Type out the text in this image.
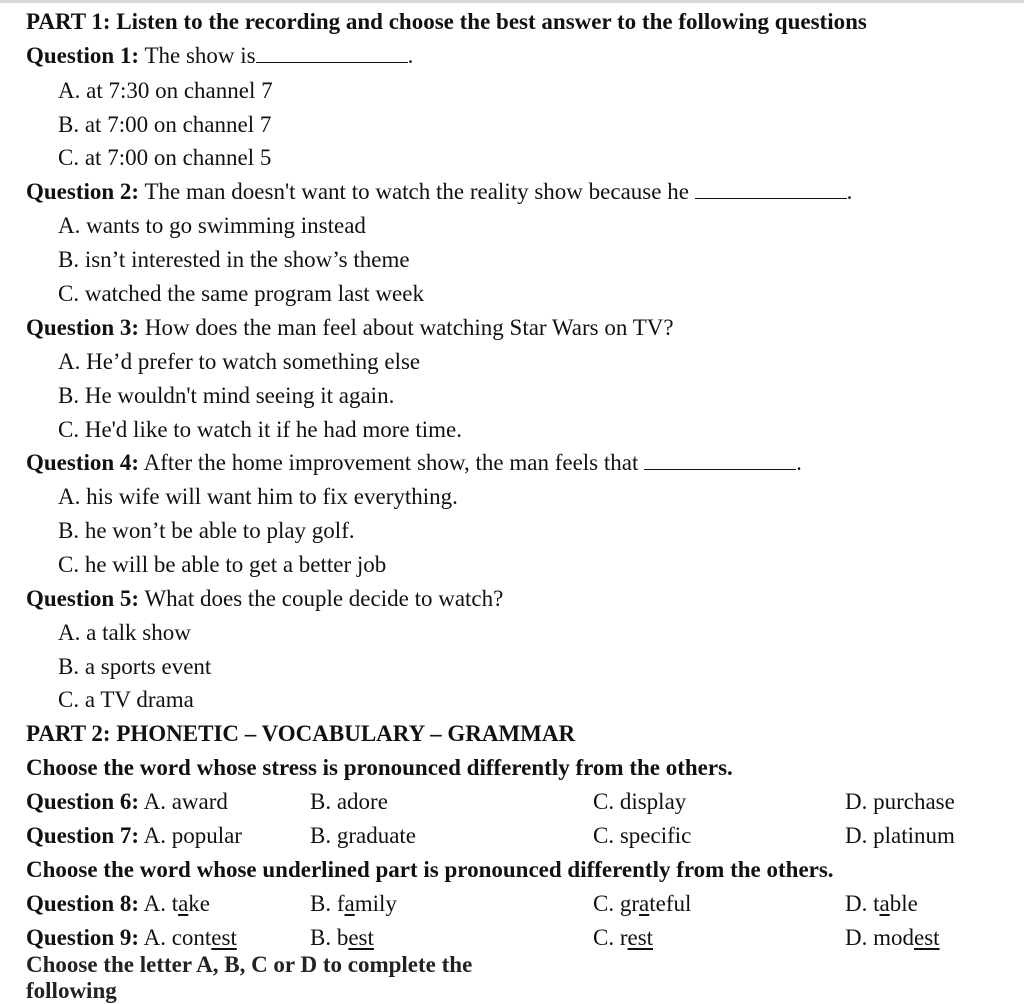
PART 1: Listen to the recording and choose the best answer to the following questions
Question 1: The show is	.
A. at 7:30 on channel 7
B. at 7:00 on channel 7
C. at 7:00 on channel 5
Question 2: The man doesn't want to watch the reality show because he	.
A. wants to go swimming instead
B. isn’t interested in the show’s theme
C. watched the same program last week
Question 3: How does the man feel about watching Star Wars on TV?
A. He’d prefer to watch something else
B. He wouldn't mind seeing it again.
C. He'd like to watch it if he had more time.
Question 4: After the home improvement show, the man feels that	.
A. his wife will want him to fix everything.
B. he won’t be able to play golf.
C. he will be able to get a better job
Question 5: What does the couple decide to watch?
A. a talk show
B. a sports event
C. a TV drama
PART 2: PHONETIC – VOCABULARY – GRAMMAR
Choose the word whose stress is pronounced differently from the others.
Question 6: A. award	B. adore	C. display	D. purchase
Question 7: A. popular	B. graduate	C. specific	D. platinum
Choose the word whose underlined part is pronounced differently from the others.
Question 8: A. take	B. family	C. grateful	D. table
Question 9: A. contest	B. best	C. rest	D. modest
Choose the letter A, B, C or D to complete the following
